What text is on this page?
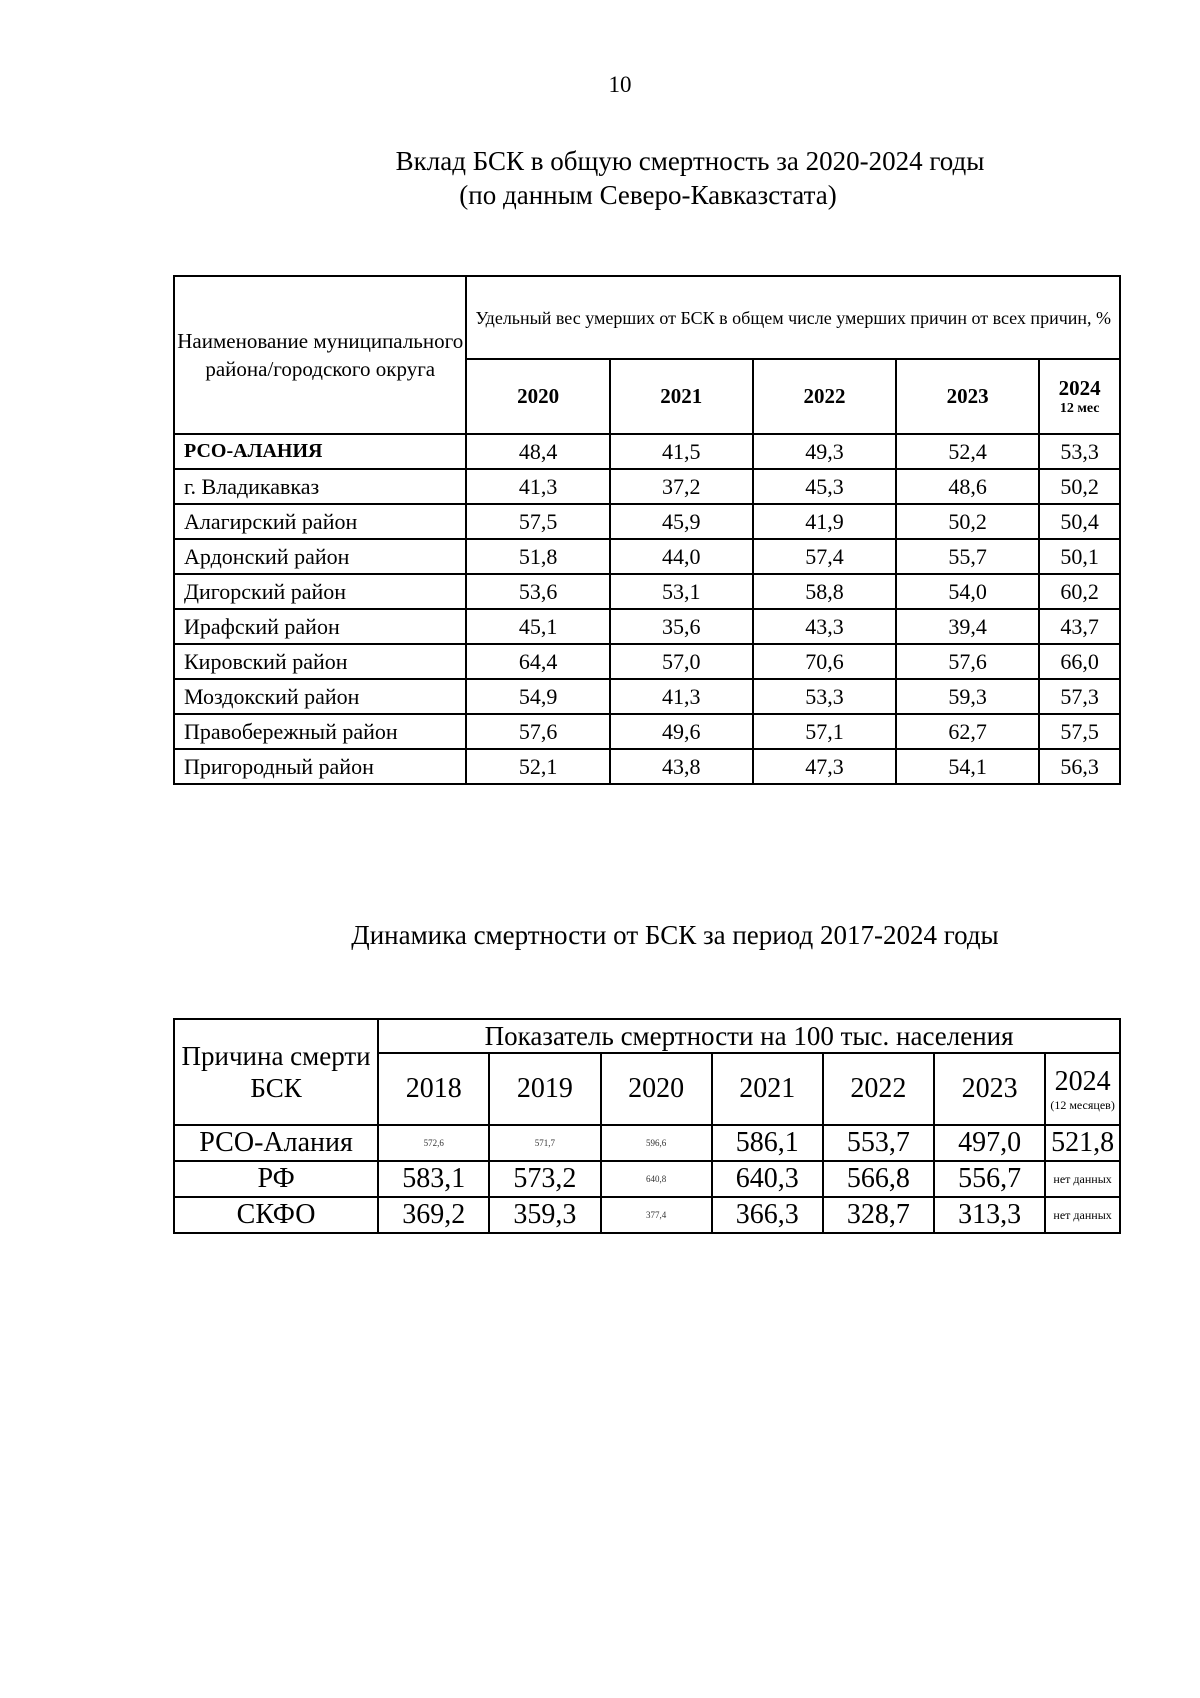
10
Вклад БСК в общую смертность за 2020-2024 годы
(по данным Северо-Кавказстата)
Наименование муниципального района/городского округа	Удельный вес умерших от БСК в общем числе умерших причин от всех причин, %				
	2020	2021	2022	2023	2024
12 мес

РСО-АЛАНИЯ	48,4	41,5	49,3	52,4	53,3
г. Владикавказ	41,3	37,2	45,3	48,6	50,2
Алагирский район	57,5	45,9	41,9	50,2	50,4
Ардонский район	51,8	44,0	57,4	55,7	50,1
Дигорский район	53,6	53,1	58,8	54,0	60,2
Ирафский район	45,1	35,6	43,3	39,4	43,7
Кировский район	64,4	57,0	70,6	57,6	66,0
Моздокский район	54,9	41,3	53,3	59,3	57,3
Правобережный район	57,6	49,6	57,1	62,7	57,5
Пригородный район	52,1	43,8	47,3	54,1	56,3
Динамика смертности от БСК за период 2017-2024 годы
Причина смерти БСК	Показатель смертности на 100 тыс. населения						
	2018	2019	2020	2021	2022	2023	2024
(12 месяцев)

РСО-Алания	572,6	571,7	596,6	586,1	553,7	497,0	521,8
РФ	583,1	573,2	640,8	640,3	566,8	556,7	нет данных
СКФО	369,2	359,3	377,4	366,3	328,7	313,3	нет данных
